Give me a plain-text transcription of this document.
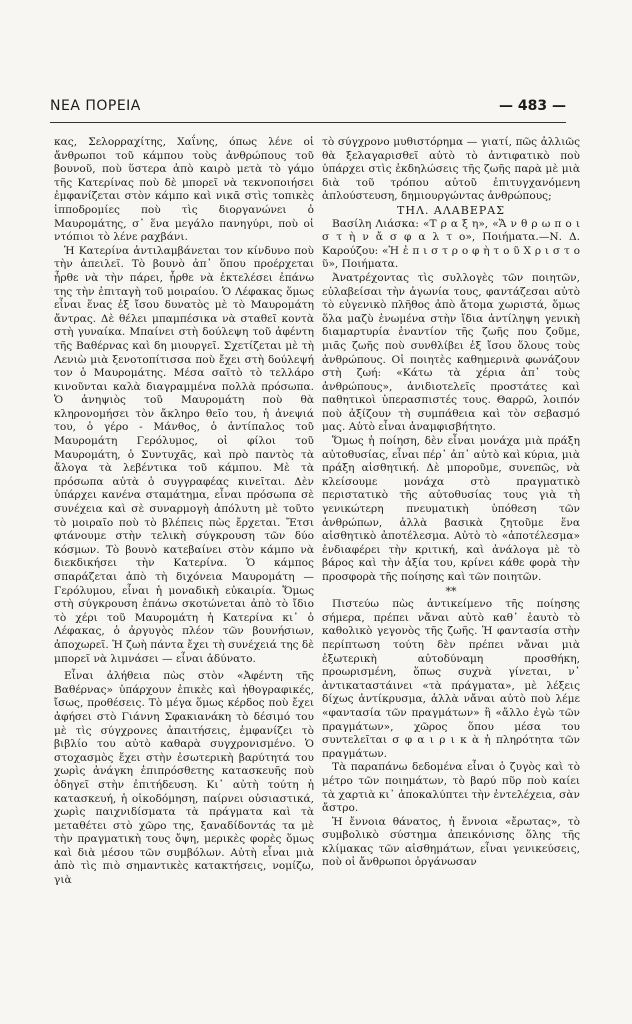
ΝΕΑ ΠΟΡΕΙΑ	— 483 —

κας, Σελορραχίτης, Χαΐνης, όπως λένε οἱ ἄνθρωποι τοῦ κάμπου τοὺς ἀνθρώπους τοῦ βουνοῦ, ποὺ ὕστερα ἀπὸ καιρὸ μετὰ τὸ γάμο τῆς Κατερίνας ποὺ δὲ μπορεῖ νὰ τεκνοποιήσει ἐμφανίζεται στὸν κάμπο καὶ νικᾶ στὶς τοπικὲς ἱπποδρομίες ποὺ τὶς διοργανώνει ὁ Μαυρομάτης, σ᾿ ἕνα μεγάλο πανηγύρι, ποὺ οἱ ντόπιοι τὸ λένε ραχβάνι.

Ἡ Κατερίνα ἀντιλαμβάνεται τον κίνδυνο ποὺ τὴν ἀπειλεῖ. Τὸ βουνὸ ἀπ᾿ ὅπου προέρχεται ἦρθε νὰ τὴν πάρει, ἦρθε νὰ ἐκτελέσει ἐπάνω της τὴν ἐπιταγὴ τοῦ μοιραίου. Ὁ Λέφακας ὅμως εἶναι ἕνας ἐξ ἴσου δυνατὸς μὲ τὸ Μαυρομάτη ἄντρας. Δὲ θέλει μπαμπέσικα νὰ σταθεῖ κοντὰ στὴ γυναίκα. Μπαίνει στὴ δούλεψη τοῦ ἀφέντη τῆς Βαθέρνας καὶ δη μιουργεῖ. Σχετίζεται μὲ τὴ Λενιὼ μιὰ ξενοτοπίτισσα ποὺ ἔχει στὴ δούλεψή τον ὁ Μαυρομάτης. Μέσα σαῖτὸ τὸ τελλάρο κινοῦνται καλὰ διαγραμμένα πολλὰ πρόσωπα. Ὁ ἀνηψιὸς τοῦ Μαυρομάτη ποὺ θὰ κληρονομήσει τὸν ἄκληρο θεῖο του, ἡ ἀνεψιά του, ὁ γέρο - Μάνθος, ὁ ἀντίπαλος τοῦ Μαυρομάτη Γερόλυμος, οἱ φίλοι τοῦ Μαυρομάτη, ὁ Συντυχᾶς, καὶ πρὸ παντὸς τὰ ἄλογα τὰ λεβέντικα τοῦ κάμπου. Μὲ τὰ πρόσωπα αὐτὰ ὁ συγγραφέας κινεῖται. Δὲν ὑπάρχει κανένα σταμάτημα, εἶναι πρόσωπα σὲ συνέχεια καὶ σὲ συναρμογὴ ἀπόλυτη μὲ τοῦτο τὸ μοιραῖο ποὺ τὸ βλέπεις πὼς ἔρχεται. Ἔτσι φτάνουμε στὴν τελικὴ σύγκρουση τῶν δύο κόσμων. Τὸ βουνὸ κατεβαίνει στὸν κάμπο νὰ διεκδικήσει τὴν Κατερίνα. Ὁ κάμπος σπαράζεται ἀπὸ τὴ διχόνεια Μαυρομάτη — Γερόλυμου, εἶναι ἡ μοναδικὴ εὐκαιρία. Ὅμως στὴ σύγκρουση ἐπάνω σκοτώνεται ἀπὸ τὸ ἴδιο τὸ χέρι τοῦ Μαυρομάτη ἡ Κατερίνα κι᾿ ὁ Λέφακας, ὁ ἀργυγὸς πλέον τῶν βουνήσιων, ἀποχωρεῖ. Ἡ ζωὴ πάντα ἔχει τὴ συνέχειά της δὲ μπορεῖ νὰ λιμνάσει — εἶναι ἀδύνατο.

Εἶναι ἀλήθεια πὼς στὸν «Ἀφέντη τῆς Βαθέρνας» ὑπάρχουν ἐπικὲς καὶ ἠθογραφικές, ἴσως, προθέσεις. Τὸ μέγα ὅμως κέρδος ποὺ ἔχει ἀφήσει στὸ Γιάννη Σφακιανάκη τὸ δέσιμό του μὲ τὶς σύγχρονες ἀπαιτήσεις, ἐμφανίζει τὸ βιβλίο του αὐτὸ καθαρὰ συγχρονισμένο. Ὁ στοχασμὸς ἔχει στὴν ἐσωτερικὴ βαρύτητά του χωρὶς ἀνάγκη ἐπιπρόσθετης κατασκευῆς ποὺ ὁδηγεῖ στὴν ἐπιτήδευση. Κι᾿ αὐτὴ τούτη ἡ κατασκευή, ἡ οἰκοδόμηση, παίρνει οὐσιαστικά, χωρὶς παιχνιδίσματα τὰ πράγματα καὶ τὰ μεταθέτει στὸ χῶρο της, ξαναδίδοντάς τα μὲ τὴν πραγματικὴ τους ὄψη, μερικὲς φορὲς ὅμως καὶ διὰ μέσου τῶν συμβόλων. Αὐτὴ εἶναι μιὰ ἀπὸ τὶς πιὸ σημαντικὲς κατακτήσεις, νομίζω, γιὰ

τὸ σύγχρονο μυθιστόρημα — γιατί, πῶς ἀλλιῶς θὰ ξελαγαρισθεῖ αὐτὸ τὸ ἀντιφατικὸ ποὺ ὑπάρχει στὶς ἐκδηλώσεις τῆς ζωῆς παρὰ μὲ μιὰ διὰ τοῦ τρόπου αὐτοῦ ἐπιτυγχανόμενη ἀπλούστευση, δημιουργώντας ἀνθρώπους;

ΤΗΛ. ΑΛΑΒΕΡΑΣ

Βασίλη Λιάσκα: «Τ ρ α ξ η», «Ἄ ν θ ρ ω π ο ι σ τ ὴ ν ἄ σ φ α λ τ ο», Ποιήματα.—Ν. Δ. Καρούζου: «Ἡ ἐ π ι σ τ ρ ο φ ὴ τ ο ῦ Χ ρ ι σ τ ο ῦ», Ποιήματα.

Ἀνατρέχοντας τὶς συλλογὲς τῶν ποιητῶν, εὐλαβείσαι τὴν ἀγωνία τους, φαντάζεσαι αὐτὸ τὸ εὐγενικὸ πλῆθος ἀπὸ ἄτομα χωριστά, ὅμως ὅλα μαζὺ ἑνωμένα στὴν ἴδια ἀντίληψη γενικὴ διαμαρτυρία ἐναντίον τῆς ζωῆς που ζοῦμε, μιᾶς ζωῆς ποὺ συνθλίβει ἐξ ἴσου ὅλους τοὺς ἀνθρώπους. Οἱ ποιητὲς καθημερινὰ φωνάζουν στὴ ζωή: «Κάτω τὰ χέρια ἀπ᾿ τοὺς ἀνθρώπους», ἀνιδιοτελεῖς προστάτες καὶ παθητικοὶ ὑπερασπιστές τους. Θαρρῶ, λοιπόν ποὺ ἀξίζουν τὴ συμπάθεια καὶ τὸν σεβασμό μας. Αὐτὸ εἶναι ἀναμφισβήτητο.

Ὅμως ἡ ποίηση, δὲν εἶναι μονάχα μιὰ πράξη αὐτοθυσίας, εἶναι πέρ᾿ ἀπ᾿ αὐτὸ καὶ κύρια, μιὰ πράξη αἰσθητική. Δὲ μποροῦμε, συνεπῶς, νὰ κλείσουμε μονάχα στὸ πραγματικὸ περιστατικὸ τῆς αὐτοθυσίας τους γιὰ τὴ γενικώτερη πνευματικὴ ὑπόθεση τῶν ἀνθρώπων, ἀλλὰ βασικὰ ζητοῦμε ἕνα αἰσθητικὸ ἀποτέλεσμα. Αὐτὸ τὸ «ἀποτέλεσμα» ἐνδιαφέρει τὴν κριτική, καὶ ἀνάλογα μὲ τὸ βάρος καὶ τὴν ἀξία του, κρίνει κάθε φορὰ τὴν προσφορὰ τῆς ποίησης καὶ τῶν ποιητῶν.

**

Πιστεύω πὼς ἀντικείμενο τῆς ποίησης σήμερα, πρέπει νἄναι αὐτὸ καθ᾿ ἑαυτὸ τὸ καθολικὸ γεγονὸς τῆς ζωῆς. Ἡ φαντασία στὴν περίπτωση τούτη δὲν πρέπει νἄναι μιὰ ἐξωτερικὴ αὐτοδύναμη προσθήκη, προωρισμένη, ὅπως συχνὰ γίνεται, ν᾿ ἀντικαταστάινει «τὰ πράγματα», μὲ λέξεις δίχως ἀντίκρυσμα, ἀλλὰ νἄναι αὐτὸ ποὺ λέμε «φαντασία τῶν πραγμάτων» ἢ «ἄλλο ἐγὼ τῶν πραγμάτων», χῶρος ὅπου μέσα του συντελεῖται σ φ α ι ρ ι κ ὰ ἡ πληρότητα τῶν πραγμάτων.

Τὰ παραπάνω δεδομένα εἶναι ὁ ζυγὸς καὶ τὸ μέτρο τῶν ποιημάτων, τὸ βαρύ πῦρ ποὺ καίει τὰ χαρτιὰ κι᾿ ἀποκαλύπτει τὴν ἐντελέχεια, σὰν ἄστρο.

Ἡ ἔννοια θάνατος, ἡ ἔννοια «ἔρωτας», τὸ συμβολικὸ σύστημα ἀπεικόνισης ὅλης τῆς κλίμακας τῶν αἰσθημάτων, εἶναι γενικεύσεις, ποὺ οἱ ἄνθρωποι ὀργάνωσαν
